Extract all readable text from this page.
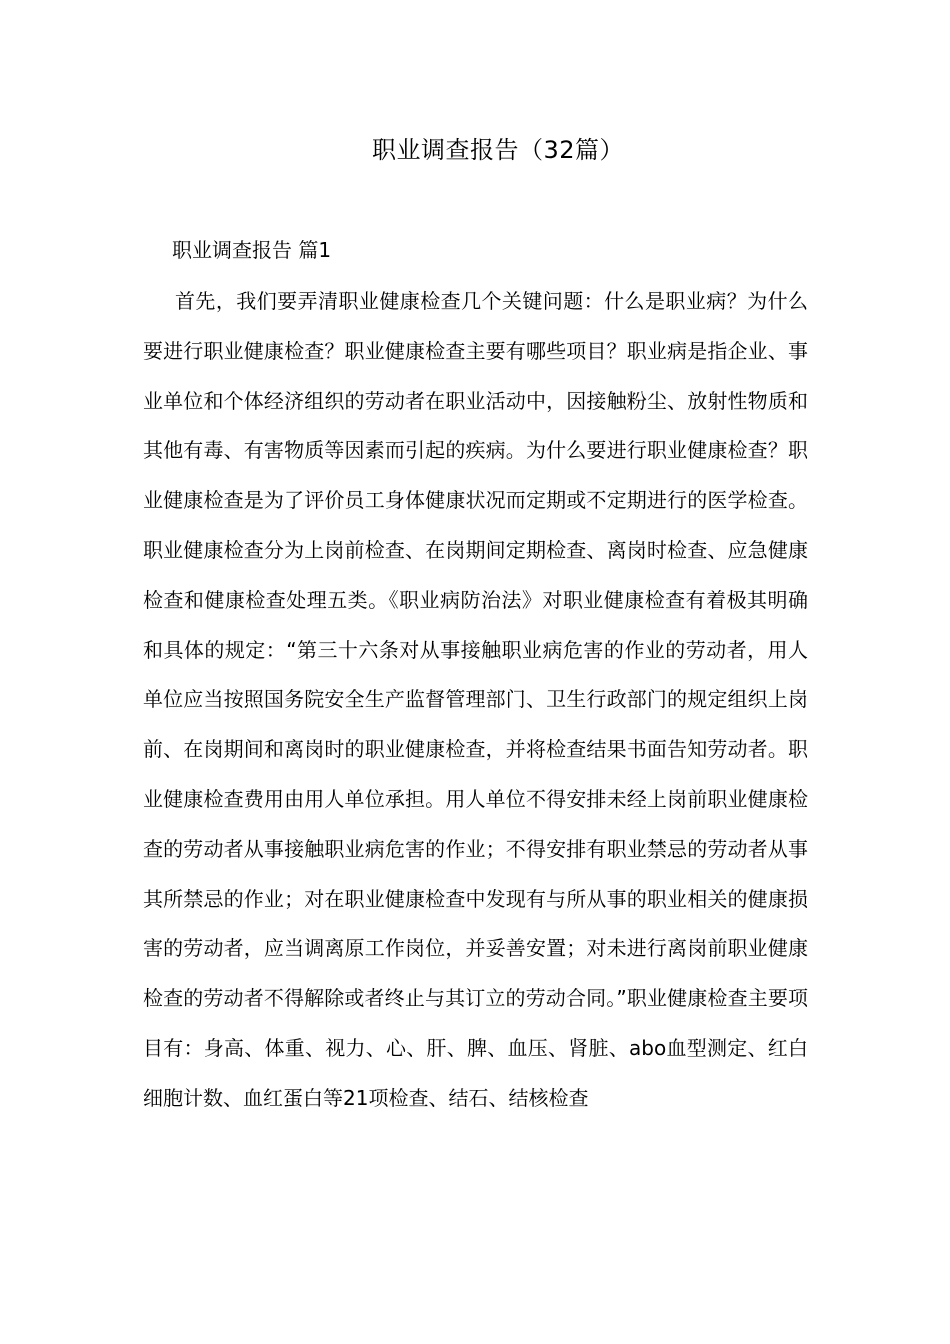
职业调查报告（32篇）
职业调查报告 篇1

首先，我们要弄清职业健康检查几个关键问题：什么是职业病？为什么要进行职业健康检查？职业健康检查主要有哪些项目？职业病是指企业、事业单位和个体经济组织的劳动者在职业活动中，因接触粉尘、放射性物质和其他有毒、有害物质等因素而引起的疾病。为什么要进行职业健康检查？职业健康检查是为了评价员工身体健康状况而定期或不定期进行的医学检查。职业健康检查分为上岗前检查、在岗期间定期检查、离岗时检查、应急健康检查和健康检查处理五类。《职业病防治法》对职业健康检查有着极其明确和具体的规定：“第三十六条对从事接触职业病危害的作业的劳动者，用人单位应当按照国务院安全生产监督管理部门、卫生行政部门的规定组织上岗前、在岗期间和离岗时的职业健康检查，并将检查结果书面告知劳动者。职业健康检查费用由用人单位承担。用人单位不得安排未经上岗前职业健康检查的劳动者从事接触职业病危害的作业；不得安排有职业禁忌的劳动者从事其所禁忌的作业；对在职业健康检查中发现有与所从事的职业相关的健康损害的劳动者，应当调离原工作岗位，并妥善安置；对未进行离岗前职业健康检查的劳动者不得解除或者终止与其订立的劳动合同。”职业健康检查主要项目有：身高、体重、视力、心、肝、脾、血压、肾脏、abo血型测定、红白细胞计数、血红蛋白等21项检查、结石、结核检查
